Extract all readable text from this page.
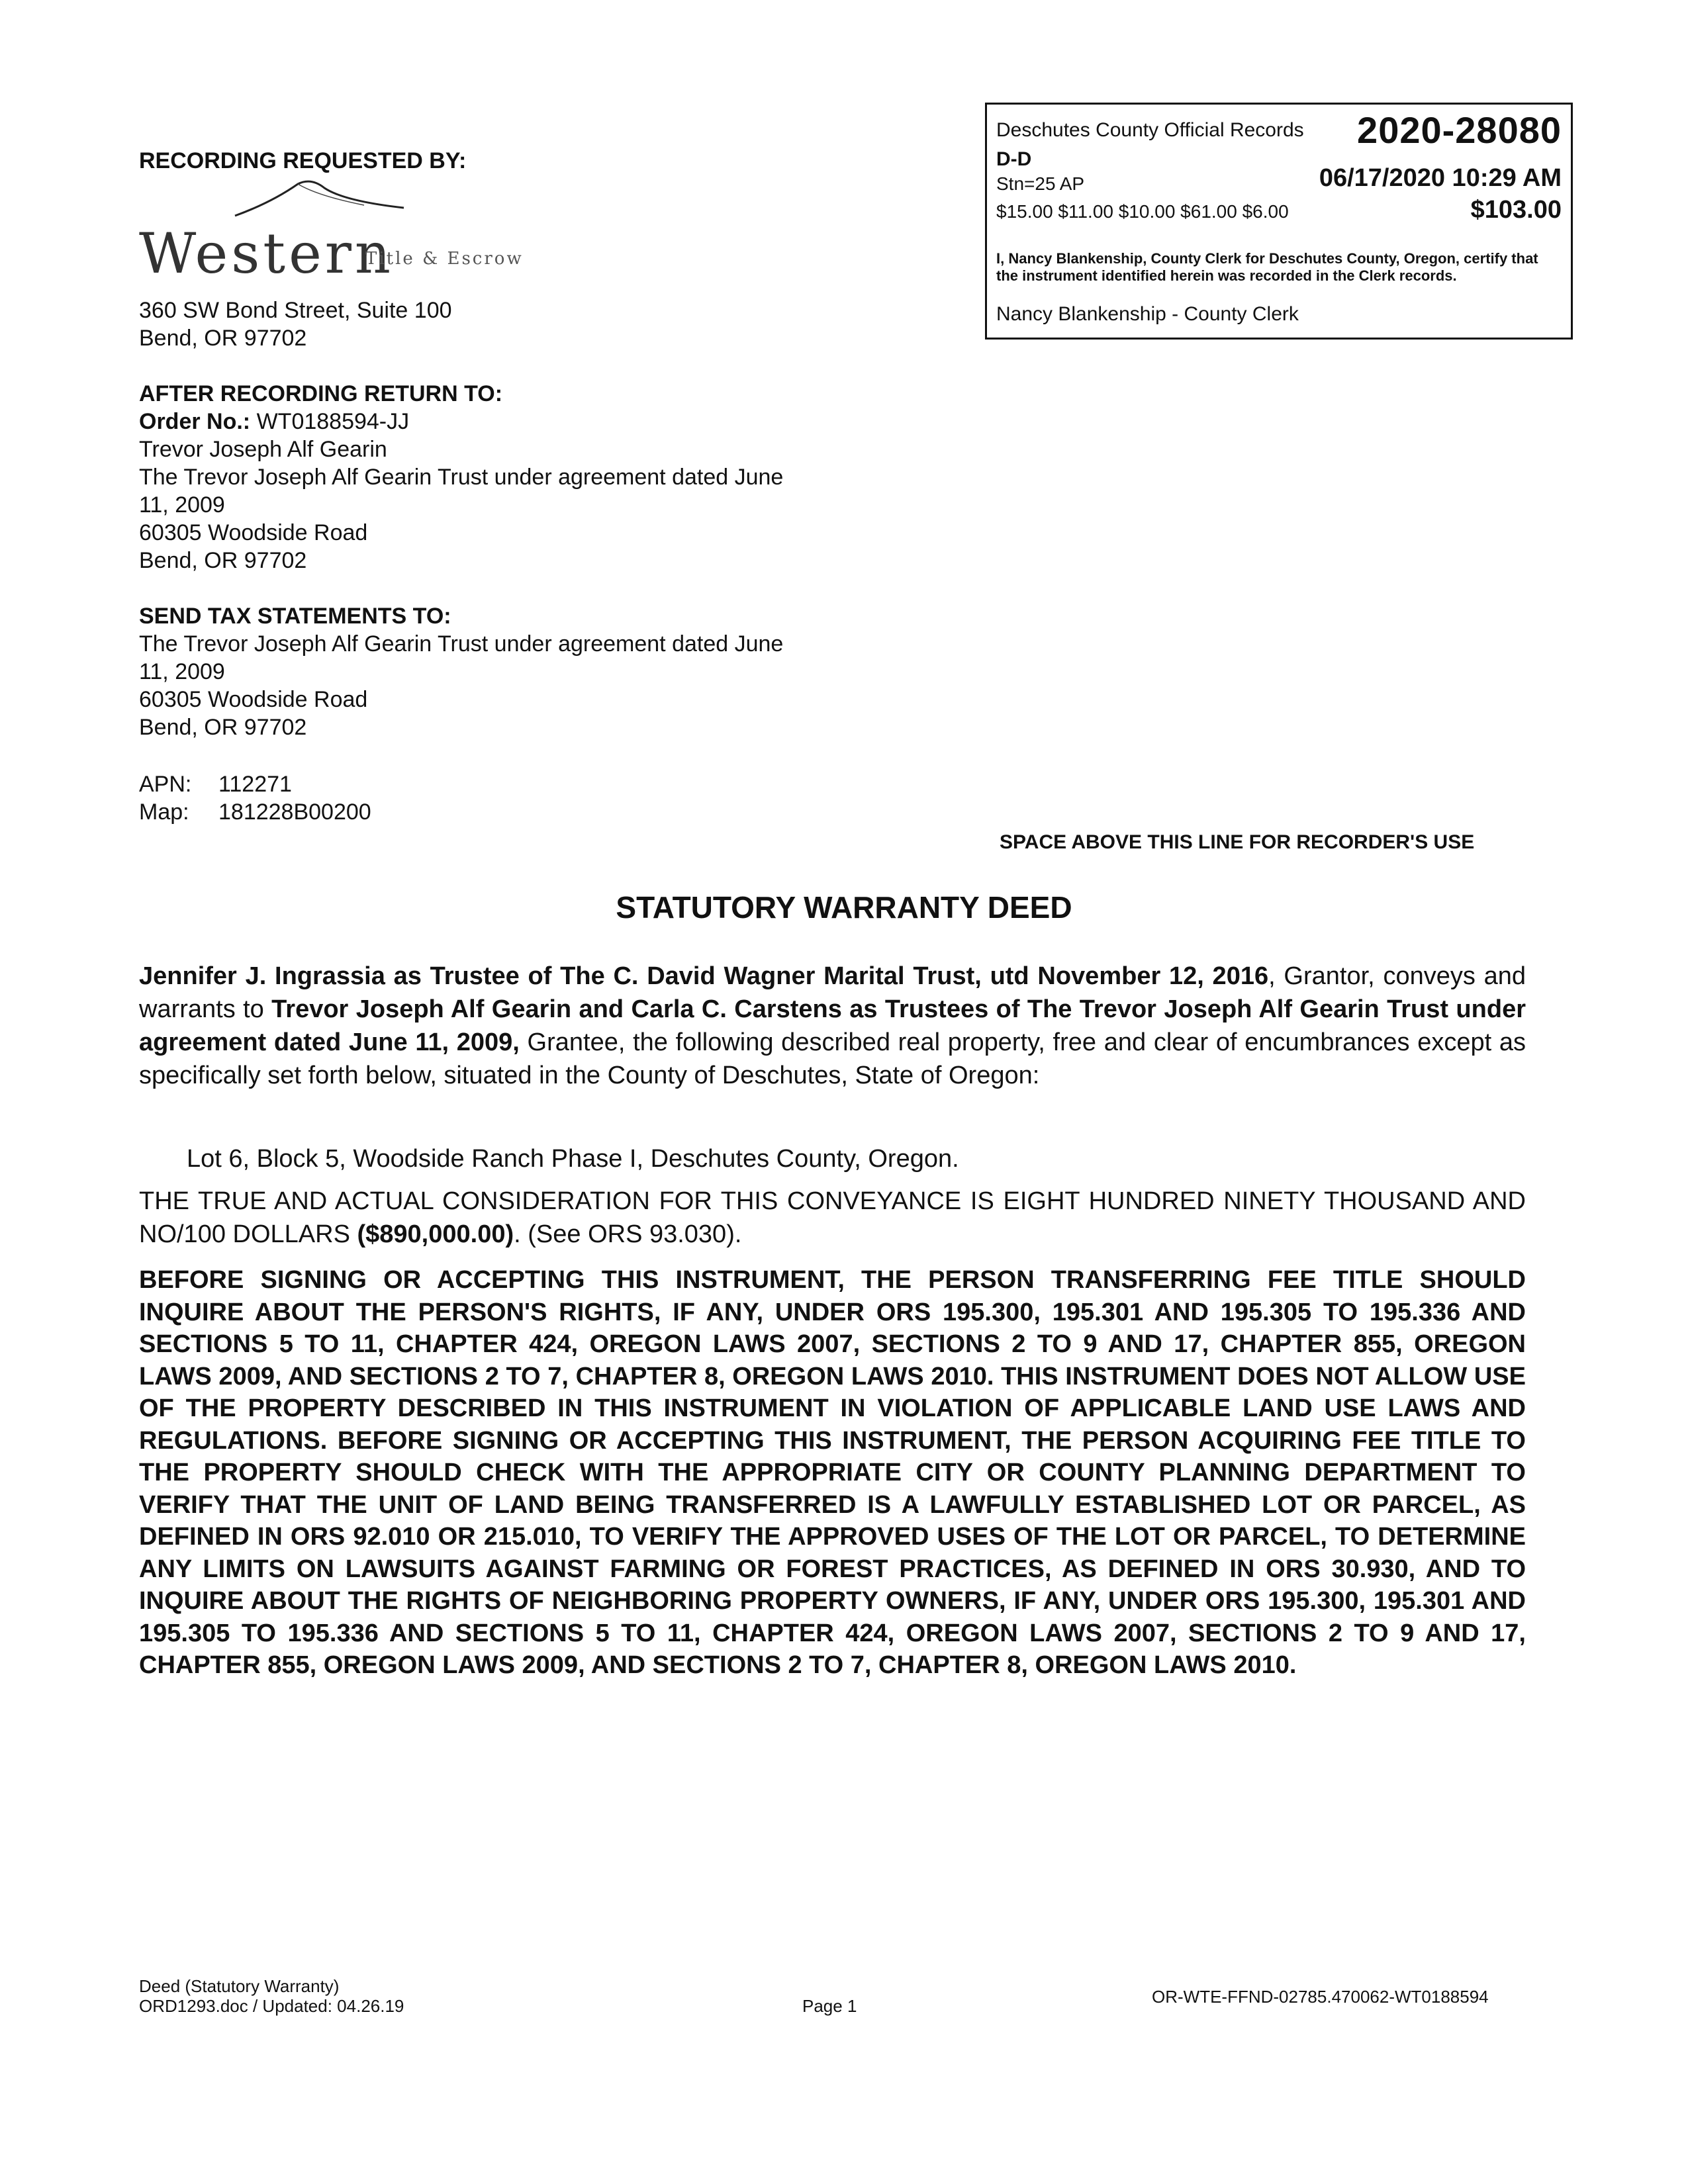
Deschutes County Official Records	2020-28080
D-D
Stn=25 AP	06/17/2020 10:29 AM
$15.00 $11.00 $10.00 $61.00 $6.00	$103.00
I, Nancy Blankenship, County Clerk for Deschutes County, Oregon, certify that the instrument identified herein was recorded in the Clerk records.
Nancy Blankenship - County Clerk
RECORDING REQUESTED BY:
Western
Title & Escrow
360 SW Bond Street, Suite 100
Bend, OR 97702
AFTER RECORDING RETURN TO:
Order No.: WT0188594-JJ
Trevor Joseph Alf Gearin
The Trevor Joseph Alf Gearin Trust under agreement dated June
11, 2009
60305 Woodside Road
Bend, OR 97702
SEND TAX STATEMENTS TO:
The Trevor Joseph Alf Gearin Trust under agreement dated June
11, 2009
60305 Woodside Road
Bend, OR 97702
APN: 112271
Map: 181228B00200
SPACE ABOVE THIS LINE FOR RECORDER'S USE
STATUTORY WARRANTY DEED
Jennifer J. Ingrassia as Trustee of The C. David Wagner Marital Trust, utd November 12, 2016, Grantor, conveys and warrants to Trevor Joseph Alf Gearin and Carla C. Carstens as Trustees of The Trevor Joseph Alf Gearin Trust under agreement dated June 11, 2009, Grantee, the following described real property, free and clear of encumbrances except as specifically set forth below, situated in the County of Deschutes, State of Oregon:
Lot 6, Block 5, Woodside Ranch Phase I, Deschutes County, Oregon.
THE TRUE AND ACTUAL CONSIDERATION FOR THIS CONVEYANCE IS EIGHT HUNDRED NINETY THOUSAND AND NO/100 DOLLARS ($890,000.00). (See ORS 93.030).
BEFORE SIGNING OR ACCEPTING THIS INSTRUMENT, THE PERSON TRANSFERRING FEE TITLE SHOULD INQUIRE ABOUT THE PERSON'S RIGHTS, IF ANY, UNDER ORS 195.300, 195.301 AND 195.305 TO 195.336 AND SECTIONS 5 TO 11, CHAPTER 424, OREGON LAWS 2007, SECTIONS 2 TO 9 AND 17, CHAPTER 855, OREGON LAWS 2009, AND SECTIONS 2 TO 7, CHAPTER 8, OREGON LAWS 2010. THIS INSTRUMENT DOES NOT ALLOW USE OF THE PROPERTY DESCRIBED IN THIS INSTRUMENT IN VIOLATION OF APPLICABLE LAND USE LAWS AND REGULATIONS. BEFORE SIGNING OR ACCEPTING THIS INSTRUMENT, THE PERSON ACQUIRING FEE TITLE TO THE PROPERTY SHOULD CHECK WITH THE APPROPRIATE CITY OR COUNTY PLANNING DEPARTMENT TO VERIFY THAT THE UNIT OF LAND BEING TRANSFERRED IS A LAWFULLY ESTABLISHED LOT OR PARCEL, AS DEFINED IN ORS 92.010 OR 215.010, TO VERIFY THE APPROVED USES OF THE LOT OR PARCEL, TO DETERMINE ANY LIMITS ON LAWSUITS AGAINST FARMING OR FOREST PRACTICES, AS DEFINED IN ORS 30.930, AND TO INQUIRE ABOUT THE RIGHTS OF NEIGHBORING PROPERTY OWNERS, IF ANY, UNDER ORS 195.300, 195.301 AND 195.305 TO 195.336 AND SECTIONS 5 TO 11, CHAPTER 424, OREGON LAWS 2007, SECTIONS 2 TO 9 AND 17, CHAPTER 855, OREGON LAWS 2009, AND SECTIONS 2 TO 7, CHAPTER 8, OREGON LAWS 2010.
Deed (Statutory Warranty)
ORD1293.doc / Updated: 04.26.19	Page 1	OR-WTE-FFND-02785.470062-WT0188594
